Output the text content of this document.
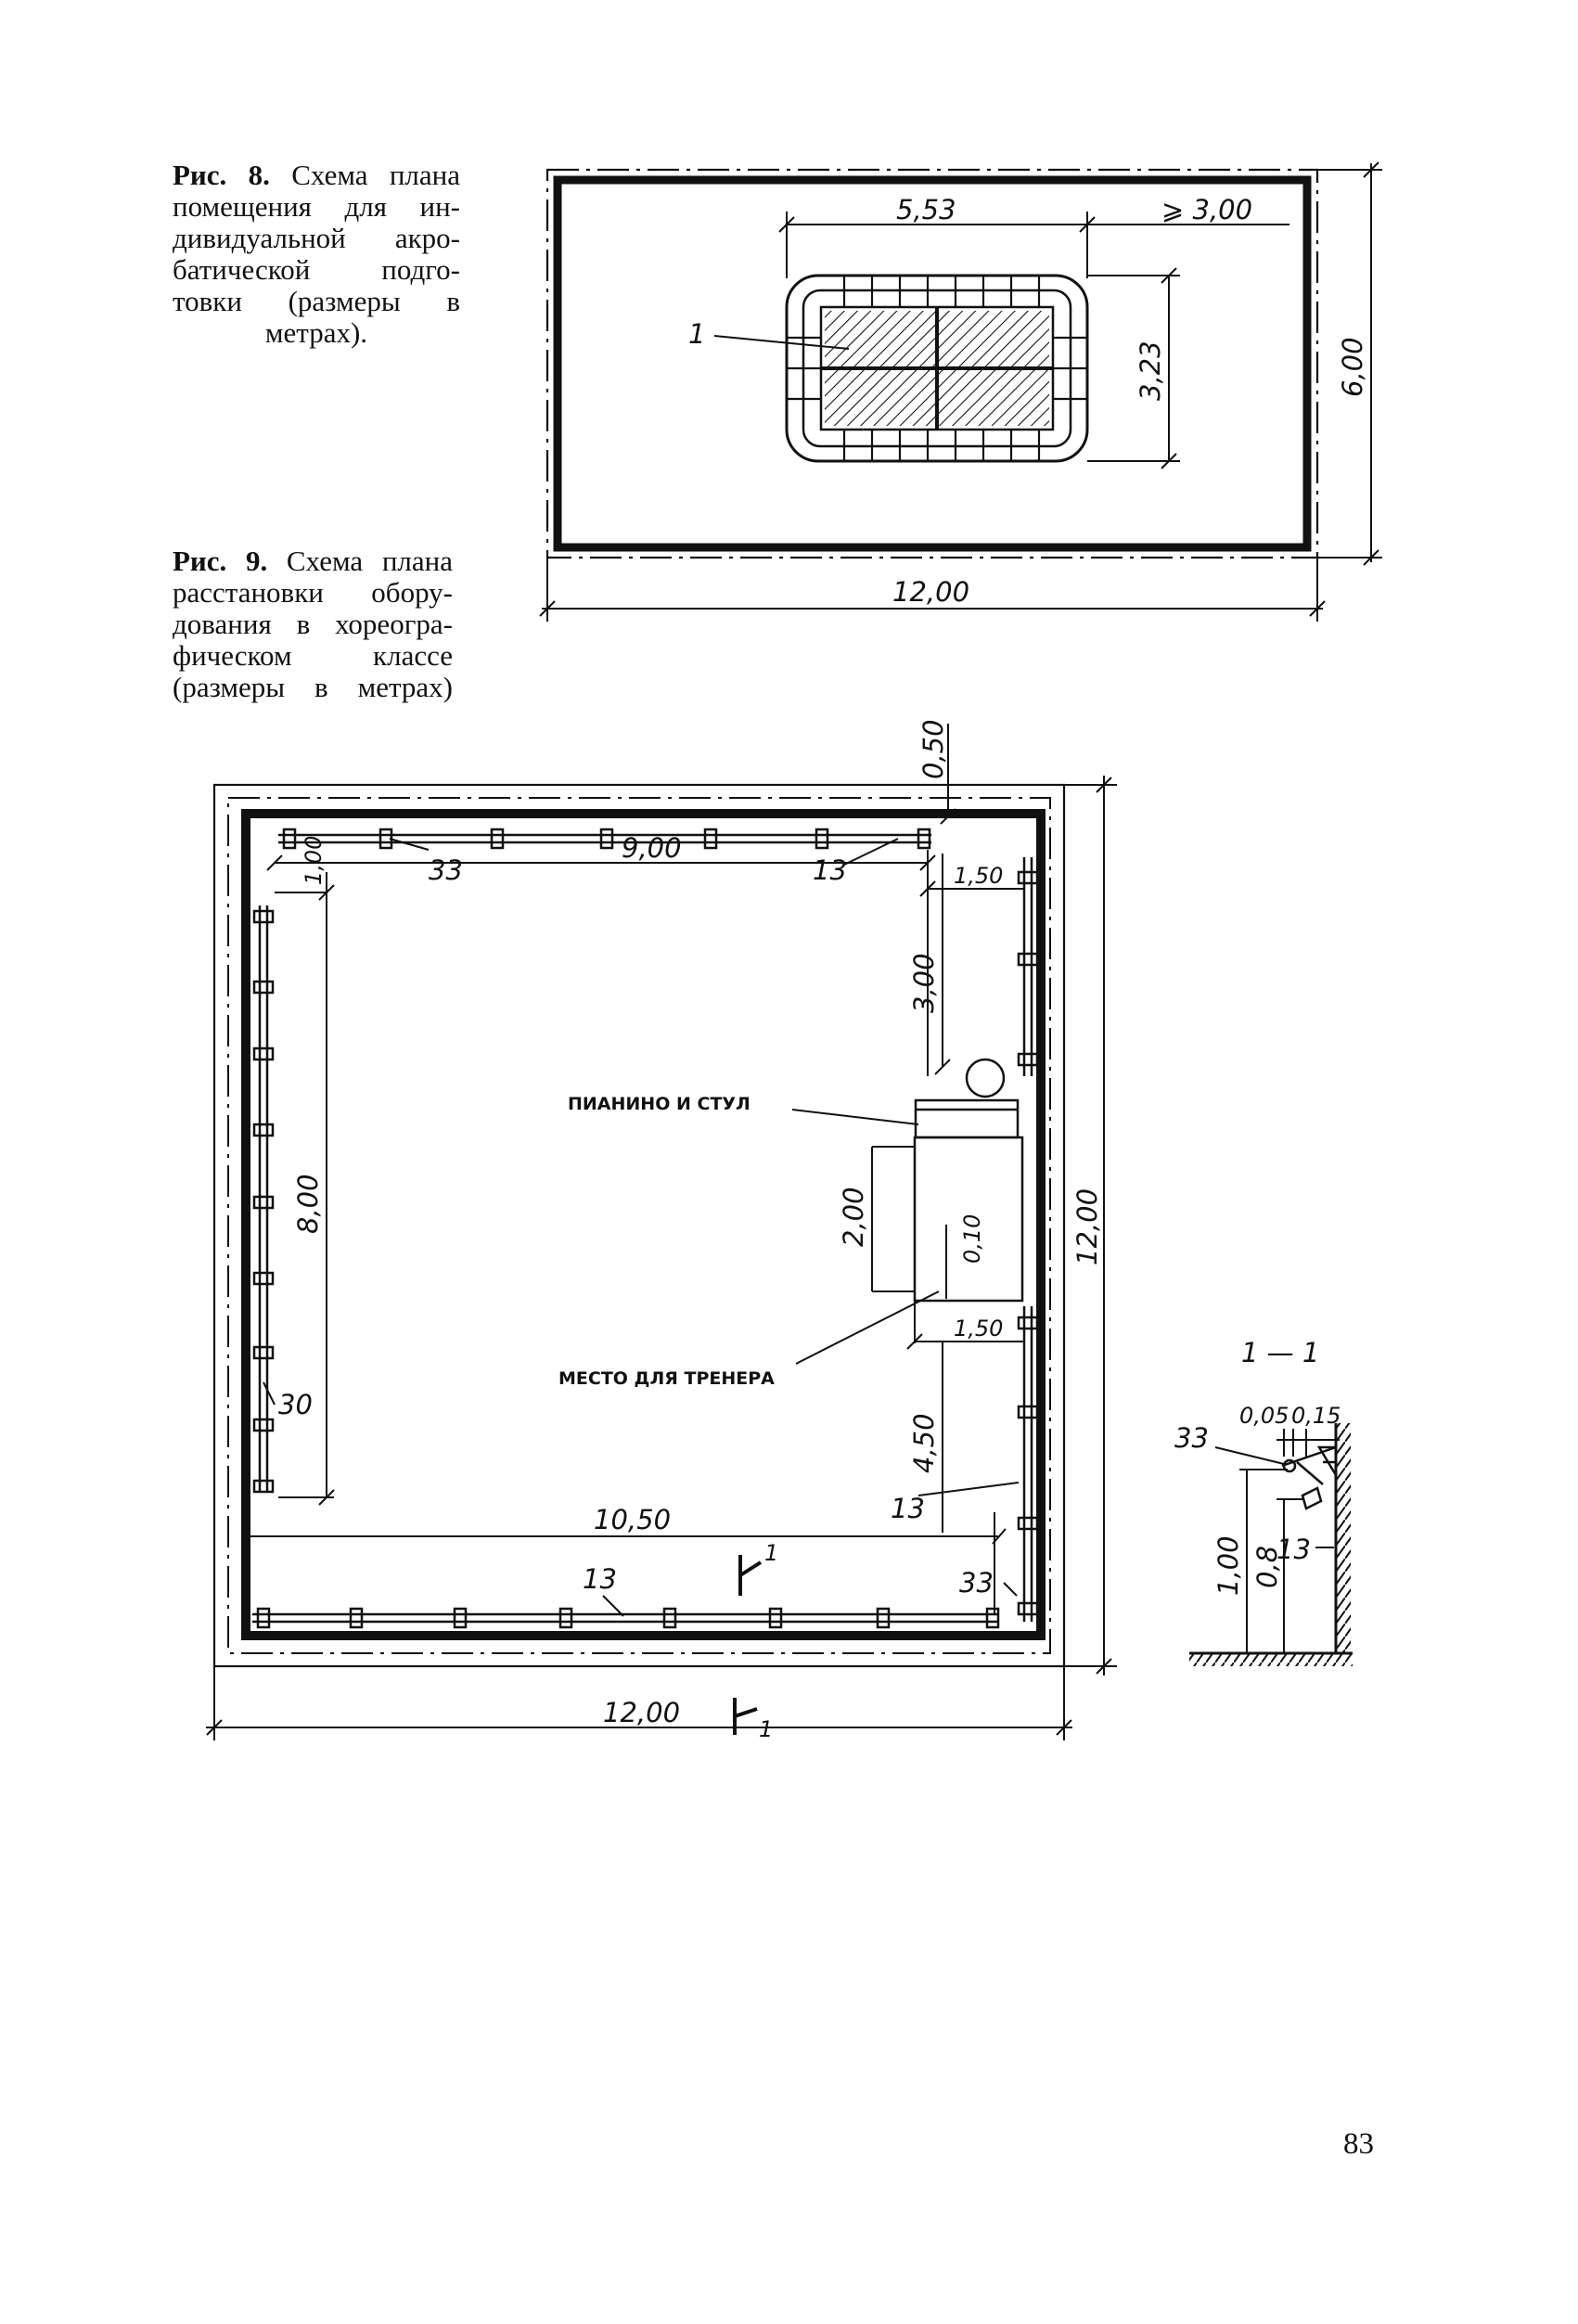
Рис. 8. Схема плана
помещения для ин-
дивидуальной акро-
батической подго-
товки (размеры в
метрах).
Рис. 9. Схема плана
расстановки обору-
дования в хореогра-
фическом классе
(размеры в метрах)
5,53	⩾ 3,00
3,23	6,00
12,00
1
0,50
9,00
1,00	1,50
3,00
8,00	2,00	0,10
1,50
4,50
10,50
12,00
12,00
ПИАНИНО И СТУЛ
МЕСТО ДЛЯ ТРЕНЕРА
33	13
30
13
13	33
1
1
1 — 1
0,05 0,15
33
1,00 0,8
13
83
